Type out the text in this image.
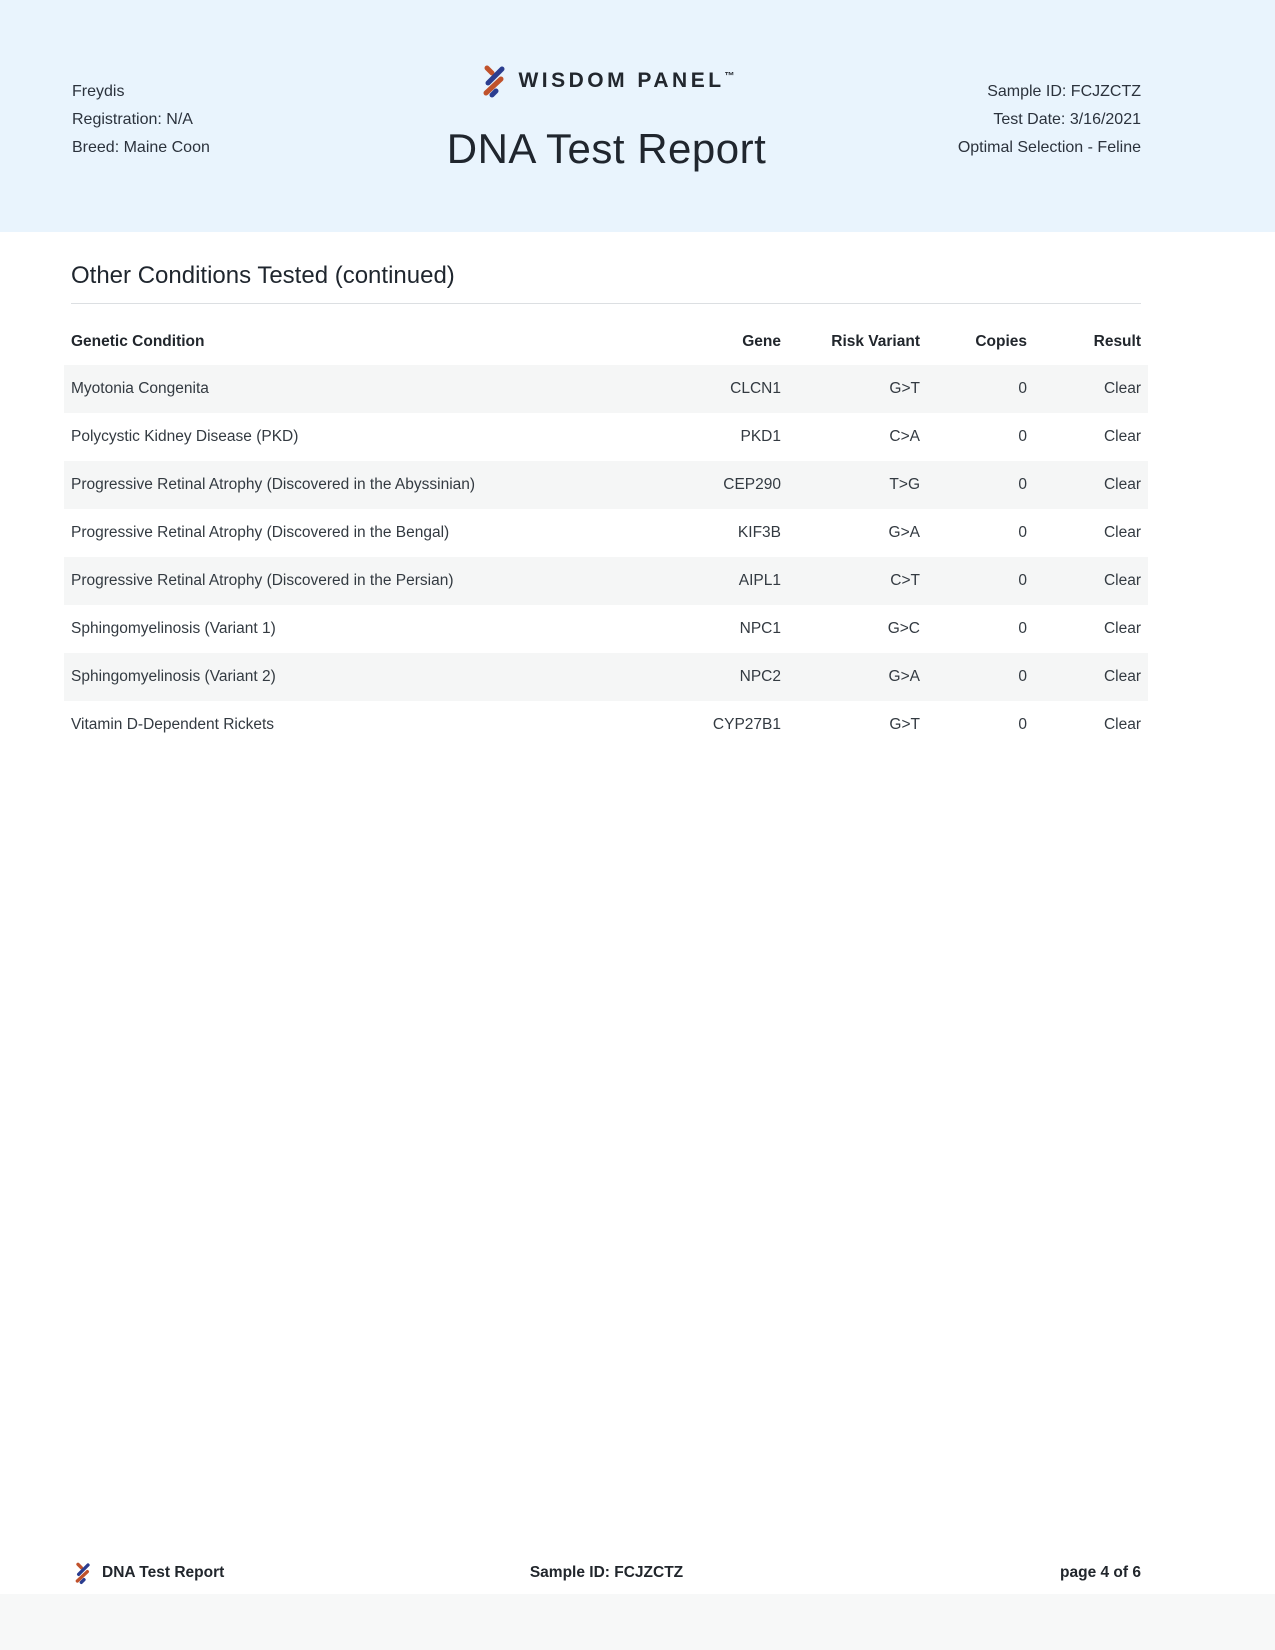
Freydis
Registration: N/A
Breed: Maine Coon
WISDOM PANEL™
DNA Test Report
Sample ID: FCJZCTZ
Test Date: 3/16/2021
Optimal Selection - Feline
Other Conditions Tested (continued)
Genetic Condition	Gene	Risk Variant	Copies	Result
Myotonia Congenita	CLCN1	G>T	0	Clear
Polycystic Kidney Disease (PKD)	PKD1	C>A	0	Clear
Progressive Retinal Atrophy (Discovered in the Abyssinian)	CEP290	T>G	0	Clear
Progressive Retinal Atrophy (Discovered in the Bengal)	KIF3B	G>A	0	Clear
Progressive Retinal Atrophy (Discovered in the Persian)	AIPL1	C>T	0	Clear
Sphingomyelinosis (Variant 1)	NPC1	G>C	0	Clear
Sphingomyelinosis (Variant 2)	NPC2	G>A	0	Clear
Vitamin D-Dependent Rickets	CYP27B1	G>T	0	Clear
DNA Test Report	Sample ID: FCJZCTZ	page 4 of 6
